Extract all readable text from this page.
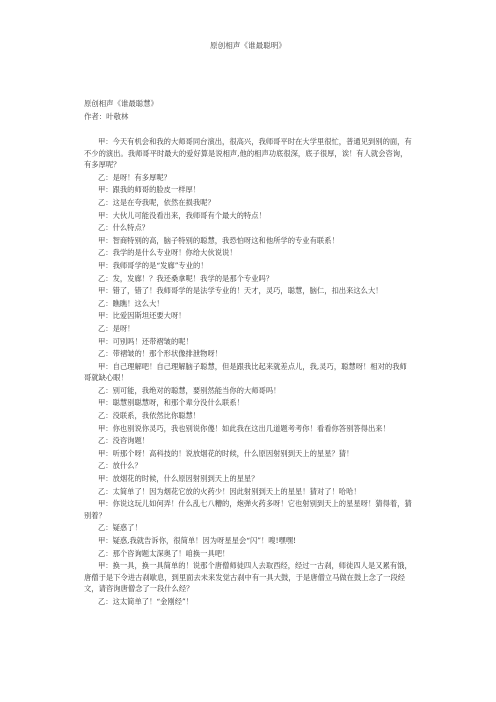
原创相声《谁最聪明》
原创相声《谁最聪慧》
作者：叶敬林

甲：今天有机会和我的大师哥同台演出，很高兴，我师哥平时在大学里很忙，普通见到别的面，有不少的演出。我师哥平时最大的爱好算是说相声,他的相声功底很深，底子很厚，诶！有人就会咨询，有多厚呢？

乙：是呀！有多厚呢？

甲：跟我的师哥的脸皮一样厚！

乙：这是在夸我呢，依然在损我呢？

甲：大伙儿可能没看出来，我师哥有个最大的特点！

乙：什么特点？

甲：智商特别的高，脑子特别的聪慧，我恐怕呀这和他所学的专业有联系！

乙：我学的是什么专业呀！你给大伙说说！

甲：我师哥学的是“发廊”专业的！

乙：发，发廊！？我还桑拿呢！我学的是那个专业吗？

甲：错了，错了！我师哥学的是法学专业的！天才，灵巧，聪慧，脑仁，扣出来这么大！

乙：瞧瞧！这么大！

甲：比爱因斯坦还要大呀！

乙：是呀！

甲：可别吗！还带褶皱的呢！

乙：带褶皱的！那个形状像排泄物呀！

甲：自己理解吧！自己理解脑子聪慧，但是跟我比起来就差点儿，我,灵巧，聪慧呀！相对的我师哥就缺心眼！

乙：别可能，我绝对的聪慧，要别然能当你的大师哥吗！

甲：聪慧别聪慧呀，和那个辈分没什么联系！

乙：没联系，我依然比你聪慧！

甲：你也别说你灵巧，我也别说你傻！如此我在这出几道题考考你！看看你答别答得出来！

乙：没咨询题！

甲：听那个呀！高科技的！说放烟花的时候，什么原因射别到天上的星星？猜！

乙：放什么？

甲：放烟花的时候，什么原因射别到天上的星星？

乙：太简单了！因为烟花它放的火药少！因此射别到天上的星星！猜对了！哈哈！

甲：你说这玩儿如何弄！什么乱七八糟的，炮弹火药多呀！它也射别到天上的星星呀！猜得着，猜别着？

乙：疑惑了！

甲：疑惑,我就告诉你，很简单！因为呀星星会“闪”！嗖!嘿嘿!

乙：那个咨询题太深奥了！咱换一具吧！

甲：换一具，换一具简单的！说那个唐僧师徒四人去取西经，经过一古刹，师徒四人是又累有饿，唐僧于是下令进古刹歇息，到里面去未来发觉古刹中有一具大鼓，于是唐僧立马做在鼓上念了一段经文，请咨询唐僧念了一段什么经？

乙：这太简单了！“金刚经”！
